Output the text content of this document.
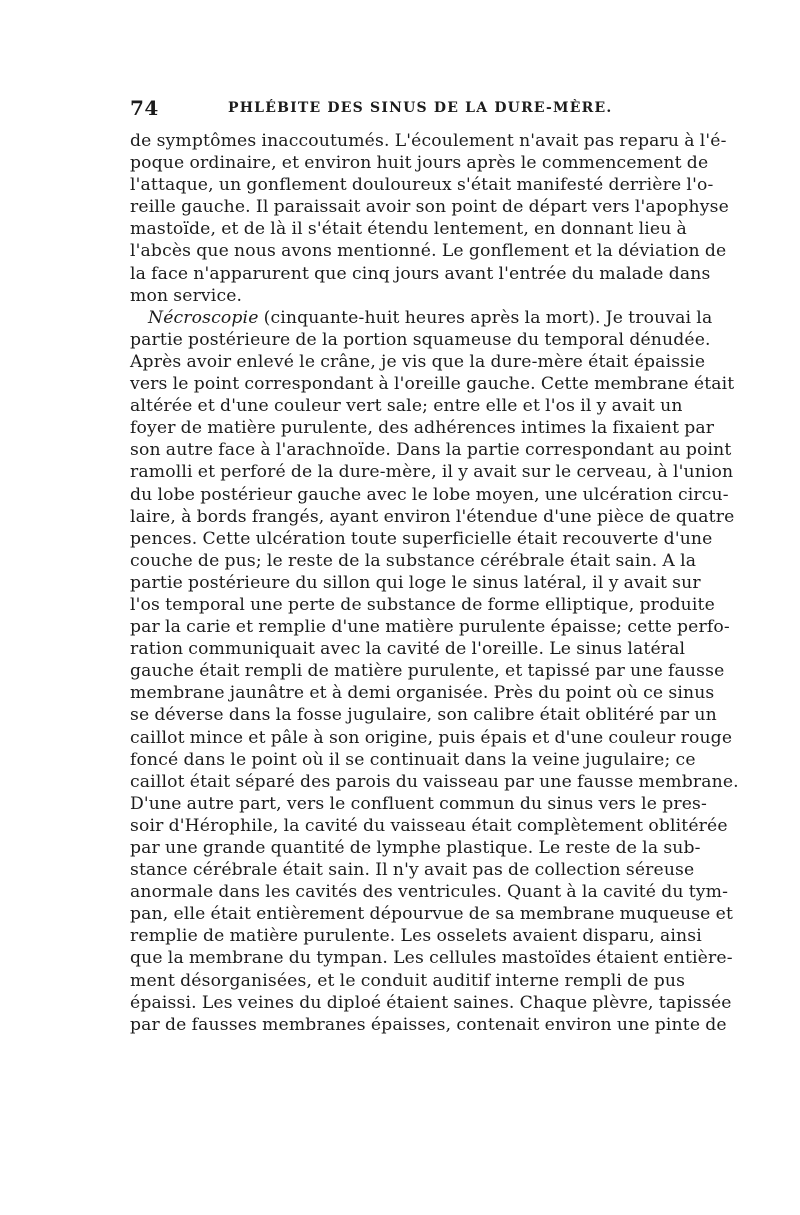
74	PHLÉBITE DES SINUS DE LA DURE-MÈRE.
de symptômes inaccoutumés. L'écoulement n'avait pas reparu à l'é-
poque ordinaire, et environ huit jours après le commencement de
l'attaque, un gonflement douloureux s'était manifesté derrière l'o-
reille gauche. Il paraissait avoir son point de départ vers l'apophyse
mastoïde, et de là il s'était étendu lentement, en donnant lieu à
l'abcès que nous avons mentionné. Le gonflement et la déviation de
la face n'apparurent que cinq jours avant l'entrée du malade dans
mon service.
Nécroscopie (cinquante-huit heures après la mort). Je trouvai la
partie postérieure de la portion squameuse du temporal dénudée.
Après avoir enlevé le crâne, je vis que la dure-mère était épaissie
vers le point correspondant à l'oreille gauche. Cette membrane était
altérée et d'une couleur vert sale; entre elle et l'os il y avait un
foyer de matière purulente, des adhérences intimes la fixaient par
son autre face à l'arachnoïde. Dans la partie correspondant au point
ramolli et perforé de la dure-mère, il y avait sur le cerveau, à l'union
du lobe postérieur gauche avec le lobe moyen, une ulcération circu-
laire, à bords frangés, ayant environ l'étendue d'une pièce de quatre
pences. Cette ulcération toute superficielle était recouverte d'une
couche de pus; le reste de la substance cérébrale était sain. A la
partie postérieure du sillon qui loge le sinus latéral, il y avait sur
l'os temporal une perte de substance de forme elliptique, produite
par la carie et remplie d'une matière purulente épaisse; cette perfo-
ration communiquait avec la cavité de l'oreille. Le sinus latéral
gauche était rempli de matière purulente, et tapissé par une fausse
membrane jaunâtre et à demi organisée. Près du point où ce sinus
se déverse dans la fosse jugulaire, son calibre était oblitéré par un
caillot mince et pâle à son origine, puis épais et d'une couleur rouge
foncé dans le point où il se continuait dans la veine jugulaire; ce
caillot était séparé des parois du vaisseau par une fausse membrane.
D'une autre part, vers le confluent commun du sinus vers le pres-
soir d'Hérophile, la cavité du vaisseau était complètement oblitérée
par une grande quantité de lymphe plastique. Le reste de la sub-
stance cérébrale était sain. Il n'y avait pas de collection séreuse
anormale dans les cavités des ventricules. Quant à la cavité du tym-
pan, elle était entièrement dépourvue de sa membrane muqueuse et
remplie de matière purulente. Les osselets avaient disparu, ainsi
que la membrane du tympan. Les cellules mastoïdes étaient entière-
ment désorganisées, et le conduit auditif interne rempli de pus
épaissi. Les veines du diploé étaient saines. Chaque plèvre, tapissée
par de fausses membranes épaisses, contenait environ une pinte de
